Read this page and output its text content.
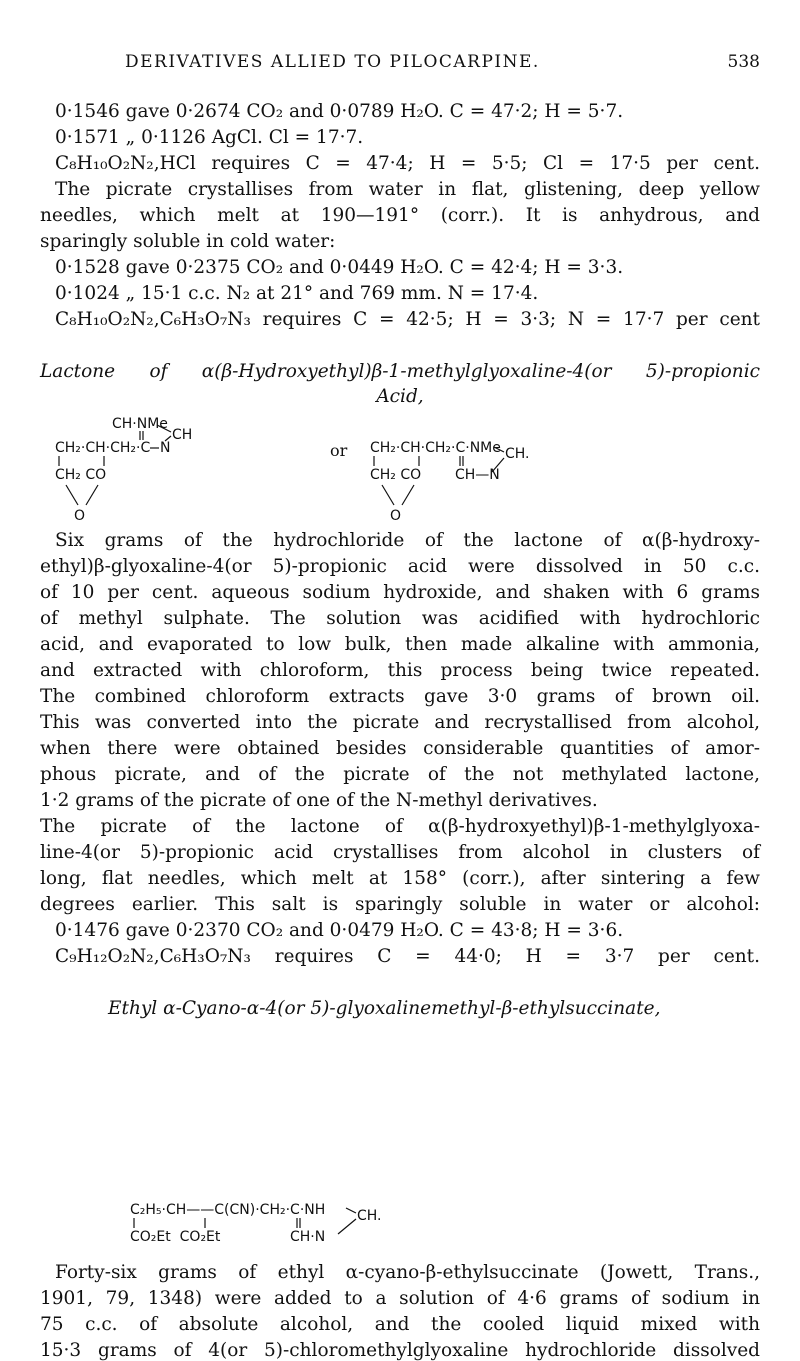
DERIVATIVES ALLIED TO PILOCARPINE.	538
0·1546 gave 0·2674 CO₂ and 0·0789 H₂O. C = 47·2; H = 5·7.
0·1571 „ 0·1126 AgCl. Cl = 17·7.
C₈H₁₀O₂N₂,HCl requires C = 47·4; H = 5·5; Cl = 17·5 per cent.
The picrate crystallises from water in flat, glistening, deep yellow
needles, which melt at 190—191° (corr.). It is anhydrous, and
sparingly soluble in cold water:
0·1528 gave 0·2375 CO₂ and 0·0449 H₂O. C = 42·4; H = 3·3.
0·1024 „ 15·1 c.c. N₂ at 21° and 769 mm. N = 17·4.
C₈H₁₀O₂N₂,C₆H₃O₇N₃ requires C = 42·5; H = 3·3; N = 17·7 per cent
Lactone of α(β-Hydroxyethyl)β-1-methylglyoxaline-4(or 5)-propionic
Acid,
CH·NMe
CH
CH₂·CH·CH₂·C N
CH₂ CO
O
or CH₂·CH·CH₂·C·NMe CH.
CH₂ CO CH—N
O
Six grams of the hydrochloride of the lactone of α(β-hydroxy-
ethyl)β-glyoxaline-4(or 5)-propionic acid were dissolved in 50 c.c.
of 10 per cent. aqueous sodium hydroxide, and shaken with 6 grams
of methyl sulphate. The solution was acidified with hydrochloric
acid, and evaporated to low bulk, then made alkaline with ammonia,
and extracted with chloroform, this process being twice repeated.
The combined chloroform extracts gave 3·0 grams of brown oil.
This was converted into the picrate and recrystallised from alcohol,
when there were obtained besides considerable quantities of amor-
phous picrate, and of the picrate of the not methylated lactone,
1·2 grams of the picrate of one of the N-methyl derivatives.
The picrate of the lactone of α(β-hydroxyethyl)β-1-methylglyoxa-
line-4(or 5)-propionic acid crystallises from alcohol in clusters of
long, flat needles, which melt at 158° (corr.), after sintering a few
degrees earlier. This salt is sparingly soluble in water or alcohol:
0·1476 gave 0·2370 CO₂ and 0·0479 H₂O. C = 43·8; H = 3·6.
C₉H₁₂O₂N₂,C₆H₃O₇N₃ requires C = 44·0; H = 3·7 per cent.
Ethyl α-Cyano-α-4(or 5)-glyoxalinemethyl-β-ethylsuccinate,
C₂H₅·CH——C(CN)·CH₂·C·NH CH.
CO₂Et  CO₂Et	CH·N
Forty-six grams of ethyl α-cyano-β-ethylsuccinate (Jowett, Trans.,
1901, 79, 1348) were added to a solution of 4·6 grams of sodium in
75 c.c. of absolute alcohol, and the cooled liquid mixed with
15·3 grams of 4(or 5)-chloromethylglyoxaline hydrochloride dissolved
